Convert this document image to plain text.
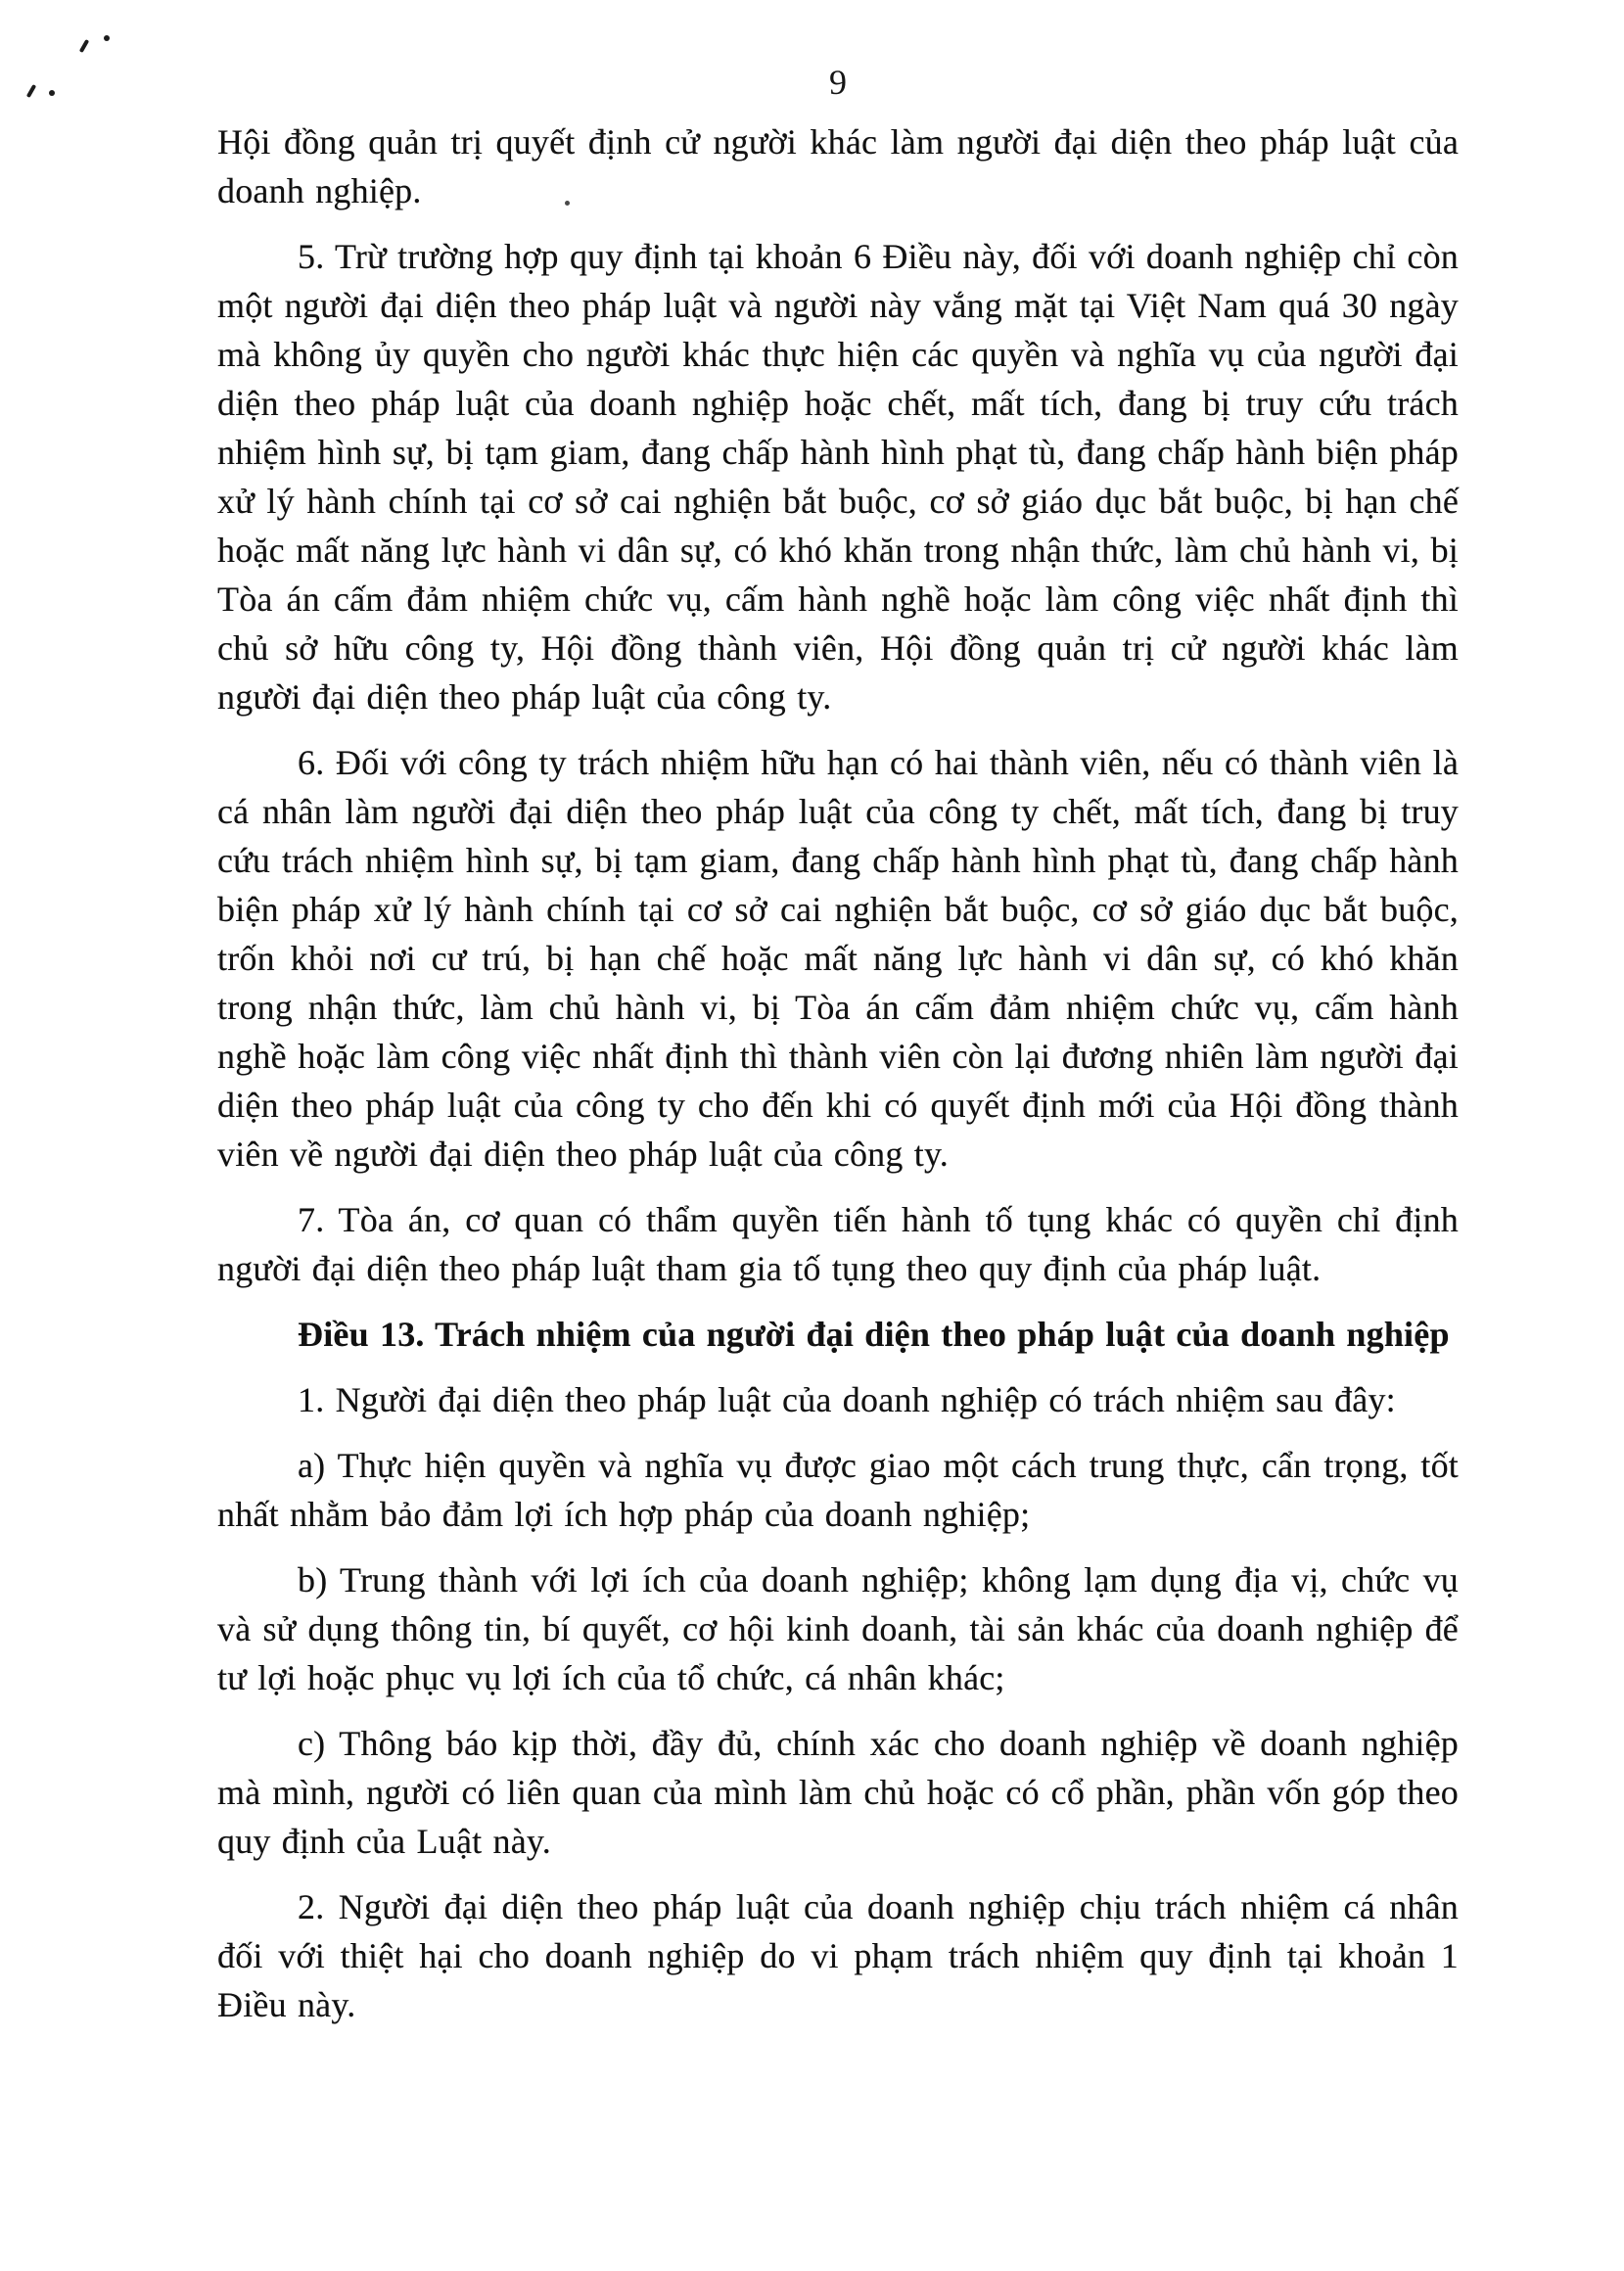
9

Hội đồng quản trị quyết định cử người khác làm người đại diện theo pháp luật của doanh nghiệp.

5. Trừ trường hợp quy định tại khoản 6 Điều này, đối với doanh nghiệp chỉ còn một người đại diện theo pháp luật và người này vắng mặt tại Việt Nam quá 30 ngày mà không ủy quyền cho người khác thực hiện các quyền và nghĩa vụ của người đại diện theo pháp luật của doanh nghiệp hoặc chết, mất tích, đang bị truy cứu trách nhiệm hình sự, bị tạm giam, đang chấp hành hình phạt tù, đang chấp hành biện pháp xử lý hành chính tại cơ sở cai nghiện bắt buộc, cơ sở giáo dục bắt buộc, bị hạn chế hoặc mất năng lực hành vi dân sự, có khó khăn trong nhận thức, làm chủ hành vi, bị Tòa án cấm đảm nhiệm chức vụ, cấm hành nghề hoặc làm công việc nhất định thì chủ sở hữu công ty, Hội đồng thành viên, Hội đồng quản trị cử người khác làm người đại diện theo pháp luật của công ty.

6. Đối với công ty trách nhiệm hữu hạn có hai thành viên, nếu có thành viên là cá nhân làm người đại diện theo pháp luật của công ty chết, mất tích, đang bị truy cứu trách nhiệm hình sự, bị tạm giam, đang chấp hành hình phạt tù, đang chấp hành biện pháp xử lý hành chính tại cơ sở cai nghiện bắt buộc, cơ sở giáo dục bắt buộc, trốn khỏi nơi cư trú, bị hạn chế hoặc mất năng lực hành vi dân sự, có khó khăn trong nhận thức, làm chủ hành vi, bị Tòa án cấm đảm nhiệm chức vụ, cấm hành nghề hoặc làm công việc nhất định thì thành viên còn lại đương nhiên làm người đại diện theo pháp luật của công ty cho đến khi có quyết định mới của Hội đồng thành viên về người đại diện theo pháp luật của công ty.

7. Tòa án, cơ quan có thẩm quyền tiến hành tố tụng khác có quyền chỉ định người đại diện theo pháp luật tham gia tố tụng theo quy định của pháp luật.

Điều 13. Trách nhiệm của người đại diện theo pháp luật của doanh nghiệp

1. Người đại diện theo pháp luật của doanh nghiệp có trách nhiệm sau đây:

a) Thực hiện quyền và nghĩa vụ được giao một cách trung thực, cẩn trọng, tốt nhất nhằm bảo đảm lợi ích hợp pháp của doanh nghiệp;

b) Trung thành với lợi ích của doanh nghiệp; không lạm dụng địa vị, chức vụ và sử dụng thông tin, bí quyết, cơ hội kinh doanh, tài sản khác của doanh nghiệp để tư lợi hoặc phục vụ lợi ích của tổ chức, cá nhân khác;

c) Thông báo kịp thời, đầy đủ, chính xác cho doanh nghiệp về doanh nghiệp mà mình, người có liên quan của mình làm chủ hoặc có cổ phần, phần vốn góp theo quy định của Luật này.

2. Người đại diện theo pháp luật của doanh nghiệp chịu trách nhiệm cá nhân đối với thiệt hại cho doanh nghiệp do vi phạm trách nhiệm quy định tại khoản 1 Điều này.
